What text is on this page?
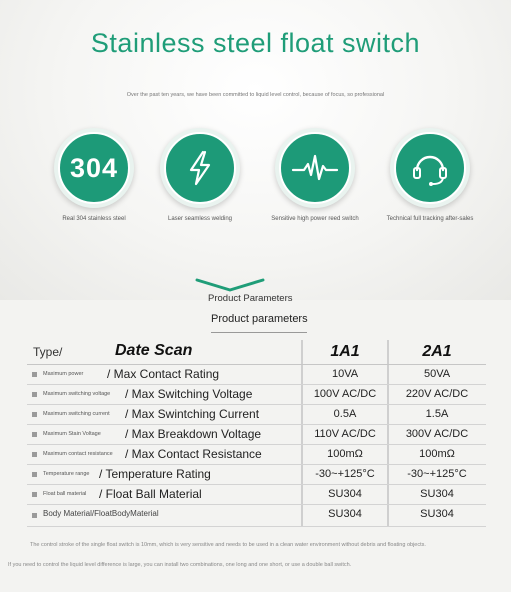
Stainless steel float switch
Over the past ten years, we have been committed to liquid level control, because of focus, so professional
304
Real 304 stainless steel	Laser seamless welding	Sensitive high power reed switch	Technical full tracking after-sales
Product Parameters
Product parameters
Type/	Date Scan	1A1	2A1
Maximum power / Max Contact Rating	10VA	50VA
Maximum switching voltage / Max Switching Voltage	100V AC/DC	220V AC/DC
Maximum switching current / Max Swintching Current	0.5A	1.5A
Maximum Stain Voltage / Max Breakdown Voltage	110V AC/DC	300V AC/DC
Maximum contact resistance / Max Contact Resistance	100mΩ	100mΩ
Temperature range / Temperature Rating	-30~+125°C	-30~+125°C
Float ball material / Float Ball Material	SU304	SU304
Body Material/FloatBodyMaterial	SU304	SU304
The control stroke of the single float switch is 10mm, which is very sensitive and needs to be used in a clean water environment without debris and floating objects.
If you need to control the liquid level difference is large, you can install two combinations, one long and one short, or use a double ball switch.
